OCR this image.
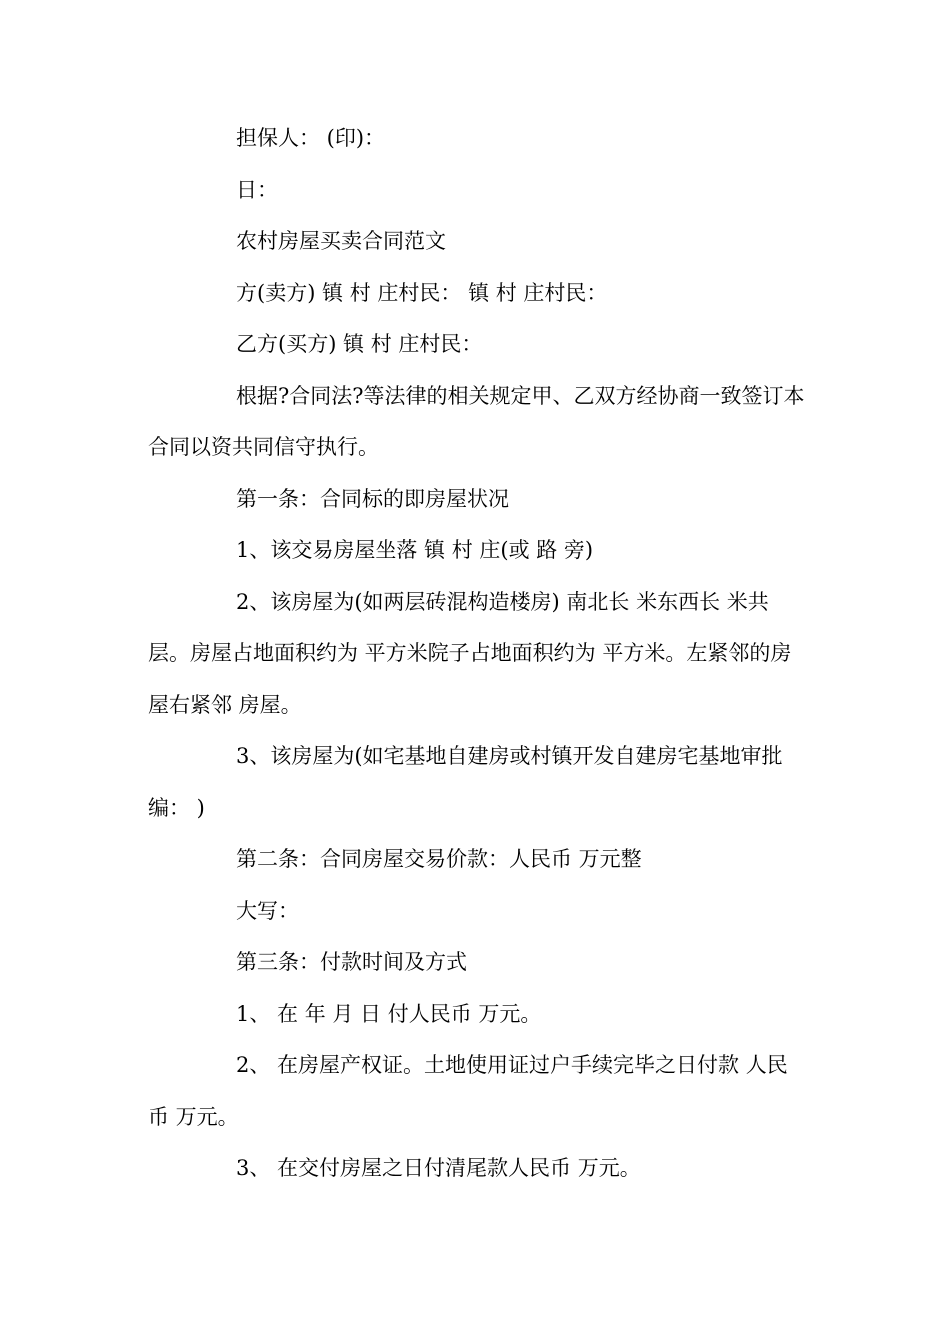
担保人： (印)：

日：

农村房屋买卖合同范文

方(卖方) 镇 村 庄村民： 镇 村 庄村民：

乙方(买方) 镇 村 庄村民：

根据?合同法?等法律的相关规定甲、乙双方经协商一致签订本合同以资共同信守执行。

第一条：合同标的即房屋状况

1、该交易房屋坐落 镇 村 庄(或 路 旁)

2、该房屋为(如两层砖混构造楼房) 南北长 米东西长 米共层。房屋占地面积约为 平方米院子占地面积约为 平方米。左紧邻的房屋右紧邻 房屋。

3、该房屋为(如宅基地自建房或村镇开发自建房宅基地审批编： )

第二条：合同房屋交易价款：人民币 万元整

大写：

第三条：付款时间及方式

1、 在 年 月 日 付人民币 万元。

2、 在房屋产权证。土地使用证过户手续完毕之日付款 人民币 万元。

3、 在交付房屋之日付清尾款人民币 万元。
